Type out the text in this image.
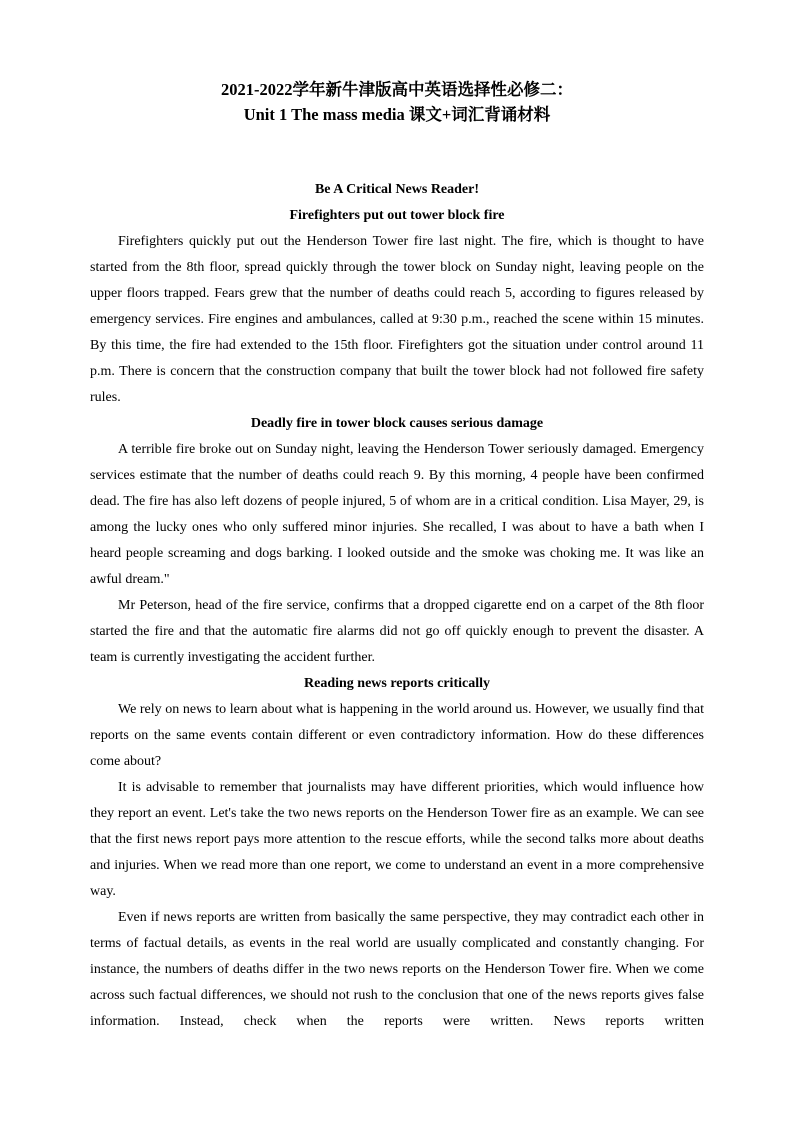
2021-2022学年新牛津版高中英语选择性必修二：
Unit 1 The mass media 课文+词汇背诵材料
Be A Critical News Reader!
Firefighters put out tower block fire

Firefighters quickly put out the Henderson Tower fire last night. The fire, which is thought to have started from the 8th floor, spread quickly through the tower block on Sunday night, leaving people on the upper floors trapped. Fears grew that the number of deaths could reach 5, according to figures released by emergency services. Fire engines and ambulances, called at 9:30 p.m., reached the scene within 15 minutes. By this time, the fire had extended to the 15th floor. Firefighters got the situation under control around 11 p.m. There is concern that the construction company that built the tower block had not followed fire safety rules.

Deadly fire in tower block causes serious damage

A terrible fire broke out on Sunday night, leaving the Henderson Tower seriously damaged. Emergency services estimate that the number of deaths could reach 9. By this morning, 4 people have been confirmed dead. The fire has also left dozens of people injured, 5 of whom are in a critical condition. Lisa Mayer, 29, is among the lucky ones who only suffered minor injuries. She recalled, I was about to have a bath when I heard people screaming and dogs barking. I looked outside and the smoke was choking me. It was like an awful dream."

Mr Peterson, head of the fire service, confirms that a dropped cigarette end on a carpet of the 8th floor started the fire and that the automatic fire alarms did not go off quickly enough to prevent the disaster. A team is currently investigating the accident further.

Reading news reports critically

We rely on news to learn about what is happening in the world around us. However, we usually find that reports on the same events contain different or even contradictory information. How do these differences come about?

It is advisable to remember that journalists may have different priorities, which would influence how they report an event. Let's take the two news reports on the Henderson Tower fire as an example. We can see that the first news report pays more attention to the rescue efforts, while the second talks more about deaths and injuries. When we read more than one report, we come to understand an event in a more comprehensive way.

Even if news reports are written from basically the same perspective, they may contradict each other in terms of factual details, as events in the real world are usually complicated and constantly changing. For instance, the numbers of deaths differ in the two news reports on the Henderson Tower fire. When we come across such factual differences, we should not rush to the conclusion that one of the news reports gives false information. Instead, check when the reports were written. News reports written
